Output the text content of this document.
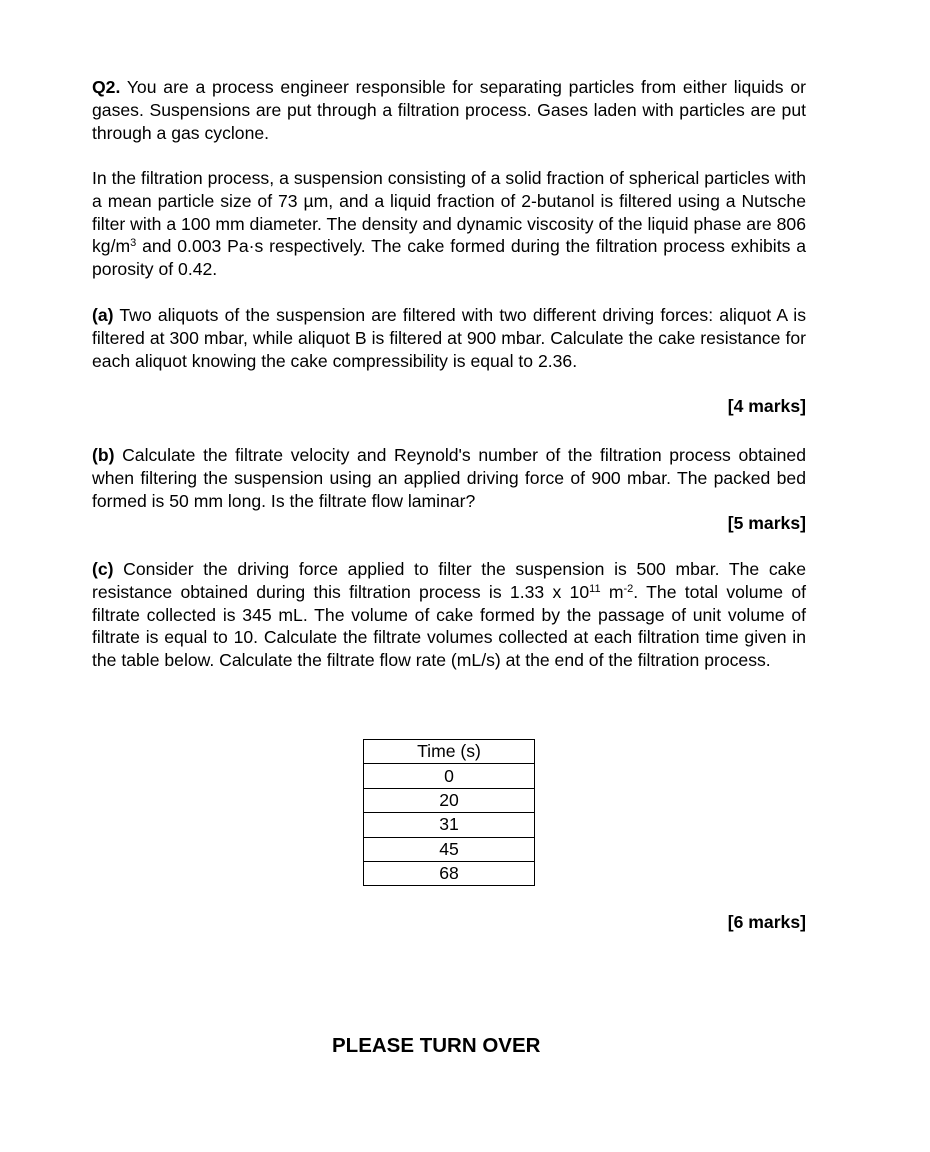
Q2. You are a process engineer responsible for separating particles from either liquids or gases. Suspensions are put through a filtration process. Gases laden with particles are put through a gas cyclone.

In the filtration process, a suspension consisting of a solid fraction of spherical particles with a mean particle size of 73 µm, and a liquid fraction of 2-butanol is filtered using a Nutsche filter with a 100 mm diameter. The density and dynamic viscosity of the liquid phase are 806 $kg/m^3$ and 0.003 Pa·s respectively. The cake formed during the filtration process exhibits a porosity of 0.42.

(a) Two aliquots of the suspension are filtered with two different driving forces: aliquot A is filtered at 300 mbar, while aliquot B is filtered at 900 mbar. Calculate the cake resistance for each aliquot knowing the cake compressibility is equal to 2.36.

[4 marks]

(b) Calculate the filtrate velocity and Reynold's number of the filtration process obtained when filtering the suspension using an applied driving force of 900 mbar. The packed bed formed is 50 mm long. Is the filtrate flow laminar?

[5 marks]

(c) Consider the driving force applied to filter the suspension is 500 mbar. The cake resistance obtained during this filtration process is 1.33 x $10^{11}$ $m^{-2}$. The total volume of filtrate collected is 345 mL. The volume of cake formed by the passage of unit volume of filtrate is equal to 10. Calculate the filtrate volumes collected at each filtration time given in the table below. Calculate the filtrate flow rate (mL/s) at the end of the filtration process.

Time (s)
0
20
31
45
68

[6 marks]

PLEASE TURN OVER
